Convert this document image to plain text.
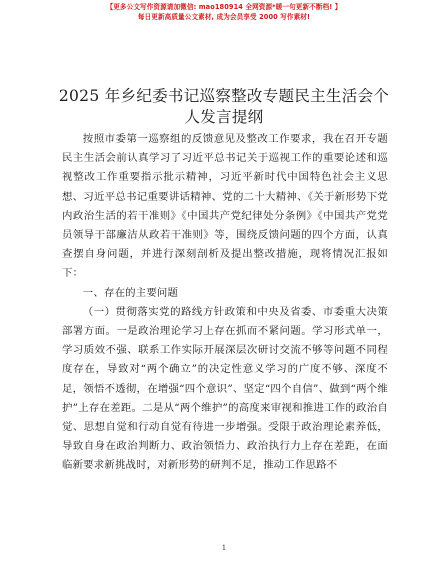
【更多公文写作资源请加微信: mao180914 全网资源*暖一句更新不断档! 】
每日更新高质量公文素材, 成为会员享受 2000 写作素材!
2025 年乡纪委书记巡察整改专题民主生活会个
人发言提纲

按照市委第一巡察组的反馈意见及整改工作要求，我在召开专题民主生活会前认真学习了习近平总书记关于巡视工作的重要论述和巡视整改工作重要指示批示精神，习近平新时代中国特色社会主义思想、习近平总书记重要讲话精神、党的二十大精神、《关于新形势下党内政治生活的若干准则》《中国共产党纪律处分条例》《中国共产党党员领导干部廉洁从政若干准则》等，围绕反馈问题的四个方面，认真查摆自身问题，并进行深刻剖析及提出整改措施，现将情况汇报如下：

一、存在的主要问题

（一）贯彻落实党的路线方针政策和中央及省委、市委重大决策部署方面。一是政治理论学习上存在抓而不紧问题。学习形式单一，学习质效不强、联系工作实际开展深层次研讨交流不够等问题不同程度存在，导致对“两个确立”的决定性意义学习的广度不够、深度不足，领悟不透彻，在增强“四个意识”、坚定“四个自信”、做到“两个维护”上存在差距。二是从“两个维护”的高度来审视和推进工作的政治自觉、思想自觉和行动自觉有待进一步增强。受限于政治理论素养低，导致自身在政治判断力、政治领悟力、政治执行力上存在差距，在面临新要求新挑战时，对新形势的研判不足，推动工作思路不

1
